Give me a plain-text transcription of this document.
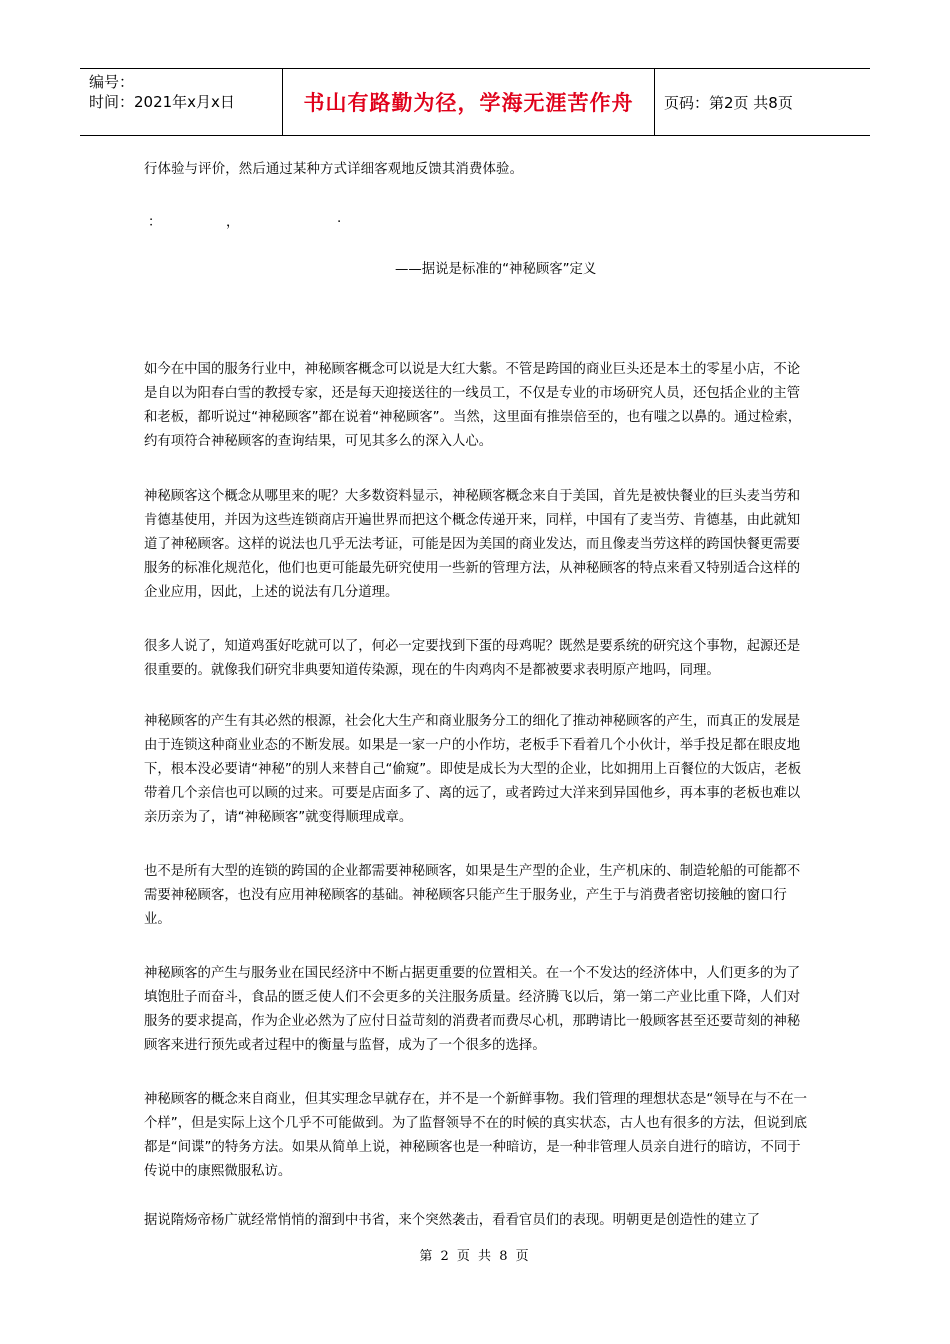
编号：
时间：2021年x月x日	书山有路勤为径，学海无涯苦作舟	页码：第2页 共8页
行体验与评价，然后通过某种方式详细客观地反馈其消费体验。
：	，	.
——据说是标准的“神秘顾客”定义

如今在中国的服务行业中，神秘顾客概念可以说是大红大紫。不管是跨国的商业巨头还是本土的零星小店，不论是自以为阳春白雪的教授专家，还是每天迎接送往的一线员工，不仅是专业的市场研究人员，还包括企业的主管和老板，都听说过“神秘顾客”都在说着“神秘顾客”。当然，这里面有推崇倍至的，也有嗤之以鼻的。通过检索，约有项符合神秘顾客的查询结果，可见其多么的深入人心。

神秘顾客这个概念从哪里来的呢？大多数资料显示，神秘顾客概念来自于美国，首先是被快餐业的巨头麦当劳和肯德基使用，并因为这些连锁商店开遍世界而把这个概念传递开来，同样，中国有了麦当劳、肯德基，由此就知道了神秘顾客。这样的说法也几乎无法考证，可能是因为美国的商业发达，而且像麦当劳这样的跨国快餐更需要服务的标准化规范化，他们也更可能最先研究使用一些新的管理方法，从神秘顾客的特点来看又特别适合这样的企业应用，因此，上述的说法有几分道理。

很多人说了，知道鸡蛋好吃就可以了，何必一定要找到下蛋的母鸡呢？既然是要系统的研究这个事物，起源还是很重要的。就像我们研究非典要知道传染源，现在的牛肉鸡肉不是都被要求表明原产地吗，同理。

神秘顾客的产生有其必然的根源，社会化大生产和商业服务分工的细化了推动神秘顾客的产生，而真正的发展是由于连锁这种商业业态的不断发展。如果是一家一户的小作坊，老板手下看着几个小伙计，举手投足都在眼皮地下，根本没必要请“神秘”的别人来替自己“偷窥”。即使是成长为大型的企业，比如拥用上百餐位的大饭店，老板带着几个亲信也可以顾的过来。可要是店面多了、离的远了，或者跨过大洋来到异国他乡，再本事的老板也难以亲历亲为了，请“神秘顾客”就变得顺理成章。

也不是所有大型的连锁的跨国的企业都需要神秘顾客，如果是生产型的企业，生产机床的、制造轮船的可能都不需要神秘顾客，也没有应用神秘顾客的基础。神秘顾客只能产生于服务业，产生于与消费者密切接触的窗口行业。

神秘顾客的产生与服务业在国民经济中不断占据更重要的位置相关。在一个不发达的经济体中，人们更多的为了填饱肚子而奋斗，食品的匮乏使人们不会更多的关注服务质量。经济腾飞以后，第一第二产业比重下降，人们对服务的要求提高，作为企业必然为了应付日益苛刻的消费者而费尽心机，那聘请比一般顾客甚至还要苛刻的神秘顾客来进行预先或者过程中的衡量与监督，成为了一个很多的选择。

神秘顾客的概念来自商业，但其实理念早就存在，并不是一个新鲜事物。我们管理的理想状态是“领导在与不在一个样”，但是实际上这个几乎不可能做到。为了监督领导不在的时候的真实状态，古人也有很多的方法，但说到底都是“间谍”的特务方法。如果从简单上说，神秘顾客也是一种暗访，是一种非管理人员亲自进行的暗访，不同于传说中的康熙微服私访。

据说隋炀帝杨广就经常悄悄的溜到中书省，来个突然袭击，看看官员们的表现。明朝更是创造性的建立了

第 2 页 共 8 页
